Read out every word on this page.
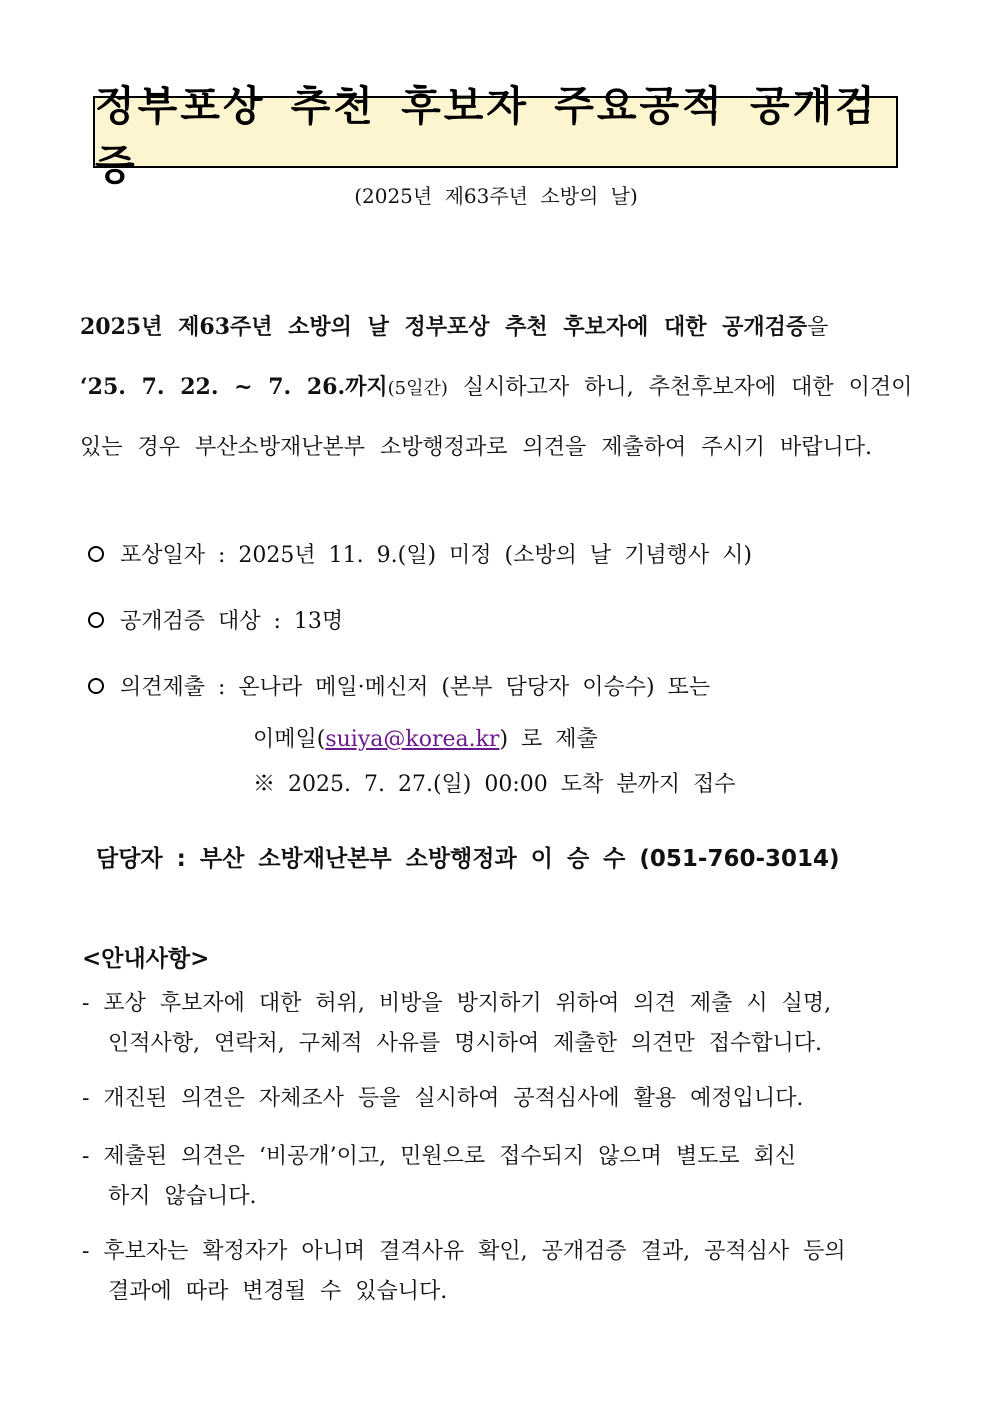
정부포상 추천 후보자 주요공적 공개검증
(2025년 제63주년 소방의 날)
2025년 제63주년 소방의 날 정부포상 추천 후보자에 대한 공개검증을
‘25. 7. 22. ~ 7. 26.까지(5일간) 실시하고자 하니, 추천후보자에 대한 이견이
있는 경우 부산소방재난본부 소방행정과로 의견을 제출하여 주시기 바랍니다.
포상일자 : 2025년 11. 9.(일) 미정 (소방의 날 기념행사 시)
공개검증 대상 : 13명
의견제출 : 온나라 메일·메신저 (본부 담당자 이승수) 또는
이메일(suiya@korea.kr) 로 제출
※ 2025. 7. 27.(일) 00:00 도착 분까지 접수
담당자 : 부산 소방재난본부 소방행정과 이 승 수 (051-760-3014)
<안내사항>
- 포상 후보자에 대한 허위, 비방을 방지하기 위하여 의견 제출 시 실명,
인적사항, 연락처, 구체적 사유를 명시하여 제출한 의견만 접수합니다.
- 개진된 의견은 자체조사 등을 실시하여 공적심사에 활용 예정입니다.
- 제출된 의견은 ‘비공개’이고, 민원으로 접수되지 않으며 별도로 회신
하지 않습니다.
- 후보자는 확정자가 아니며 결격사유 확인, 공개검증 결과, 공적심사 등의
결과에 따라 변경될 수 있습니다.
